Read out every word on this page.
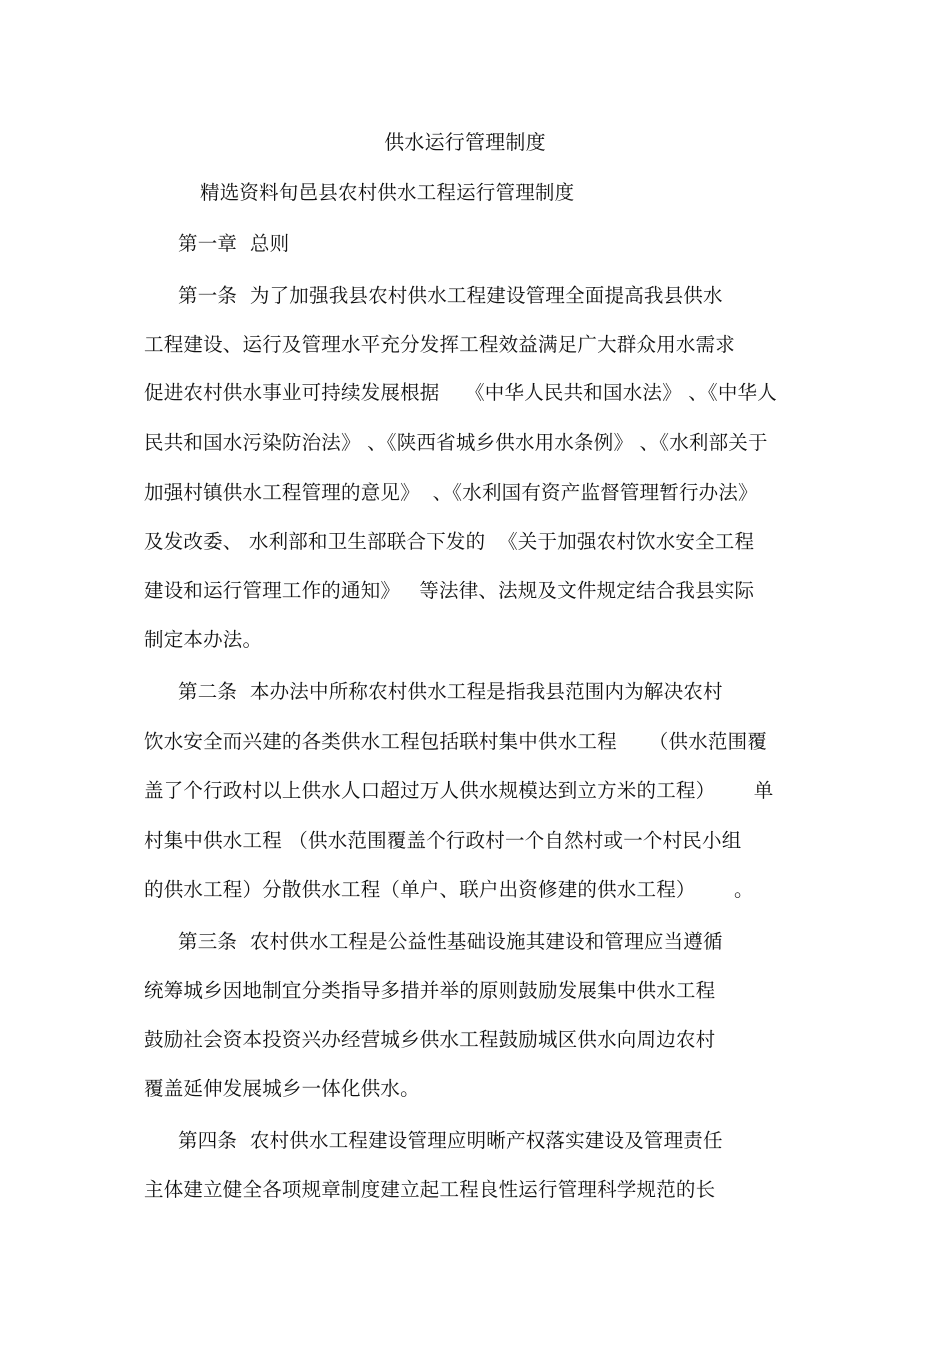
供水运行管理制度
精选资料旬邑县农村供水工程运行管理制度
第一章  总则
第一条  为了加强我县农村供水工程建设管理全面提高我县供水
工程建设、运行及管理水平充分发挥工程效益满足广大群众用水需求
促进农村供水事业可持续发展根据    《中华人民共和国水法》 、《中华人
民共和国水污染防治法》 、《陕西省城乡供水用水条例》 、《水利部关于
加强村镇供水工程管理的意见》  、《水利国有资产监督管理暂行办法》
及发改委、 水利部和卫生部联合下发的  《关于加强农村饮水安全工程
建设和运行管理工作的通知》   等法律、法规及文件规定结合我县实际
制定本办法。
第二条  本办法中所称农村供水工程是指我县范围内为解决农村
饮水安全而兴建的各类供水工程包括联村集中供水工程     （供水范围覆
盖了个行政村以上供水人口超过万人供水规模达到立方米的工程）      单
村集中供水工程 （供水范围覆盖个行政村一个自然村或一个村民小组
的供水工程）分散供水工程（单户、联户出资修建的供水工程）      。
第三条  农村供水工程是公益性基础设施其建设和管理应当遵循
统筹城乡因地制宜分类指导多措并举的原则鼓励发展集中供水工程
鼓励社会资本投资兴办经营城乡供水工程鼓励城区供水向周边农村
覆盖延伸发展城乡一体化供水。
第四条  农村供水工程建设管理应明晰产权落实建设及管理责任
主体建立健全各项规章制度建立起工程良性运行管理科学规范的长
